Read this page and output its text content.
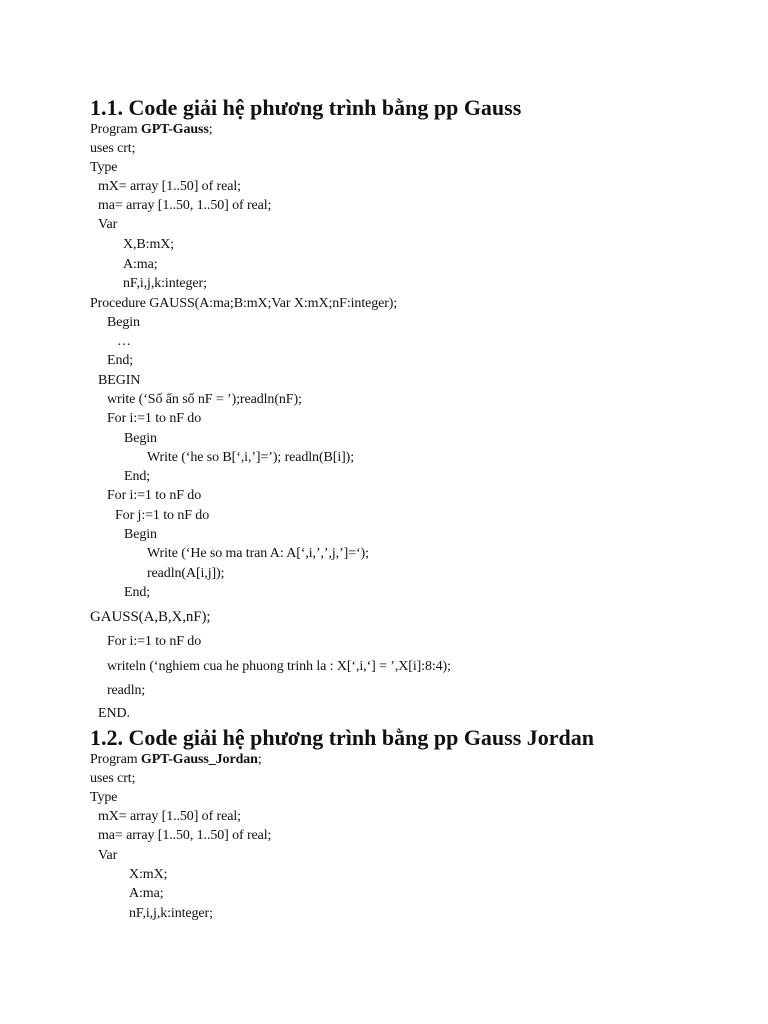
1.1. Code giải hệ phương trình bằng pp Gauss
Program GPT-Gauss;
uses crt;
Type
mX= array [1..50] of real;
ma= array [1..50, 1..50] of real;
Var
X,B:mX;
A:ma;
nF,i,j,k:integer;
Procedure GAUSS(A:ma;B:mX;Var X:mX;nF:integer);
Begin
…
End;
BEGIN
write (‘Số ẩn số nF = ’);readln(nF);
For i:=1 to nF do
Begin
Write (‘he so B[‘,i,’]=’); readln(B[i]);
End;
For i:=1 to nF do
For j:=1 to nF do
Begin
Write (‘He so ma tran A: A[‘,i,’,’,j,’]=‘);
readln(A[i,j]);
End;
GAUSS(A,B,X,nF);
For i:=1 to nF do
writeln (‘nghiem cua he phuong trinh la : X[‘,i,‘] = ’,X[i]:8:4);
readln;
END.
1.2. Code giải hệ phương trình bằng pp Gauss Jordan
Program GPT-Gauss_Jordan;
uses crt;
Type
mX= array [1..50] of real;
ma= array [1..50, 1..50] of real;
Var
X:mX;
A:ma;
nF,i,j,k:integer;
